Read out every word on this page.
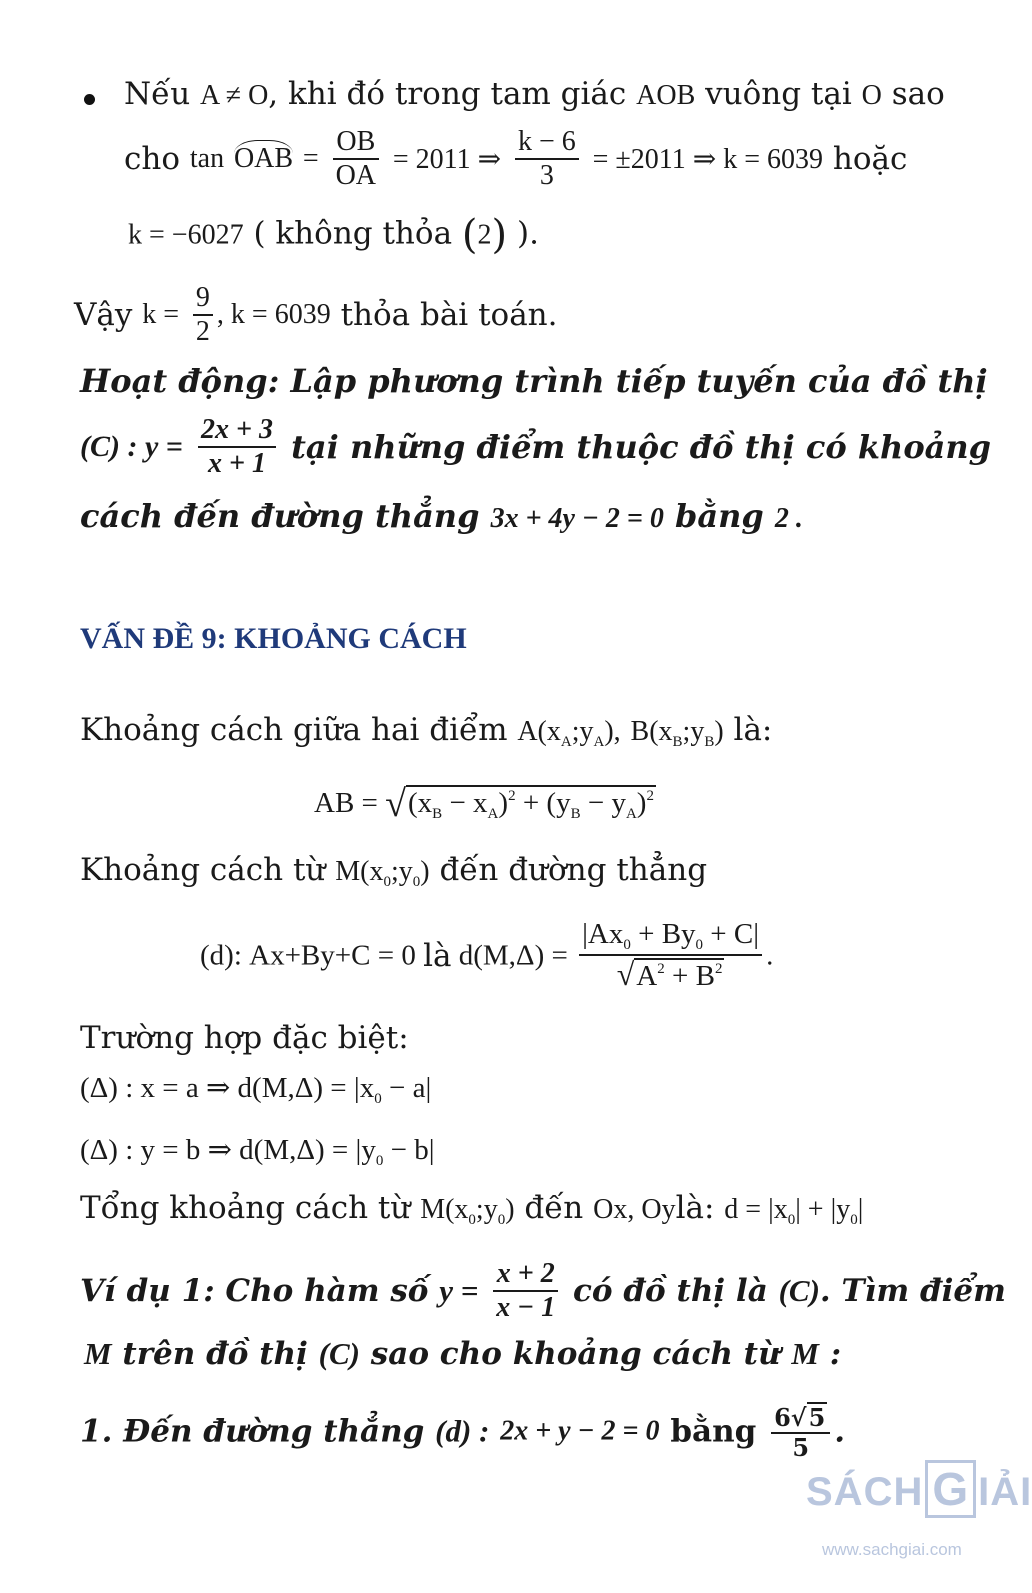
Nếu A ≠ O, khi đó trong tam giác AOB vuông tại O sao
cho tan OAB = $\frac{OB}{OA} = 2011$ ⇒ $\frac{k - 6}{3} = \pm 2011$ ⇒ k = 6039 hoặc
k = −6027 ( không thỏa (2) ).
Vậy $k = \frac{9}{2}$ , k = 6039 thỏa bài toán.
Hoạt động: Lập phương trình tiếp tuyến của đồ thị
(C) : $y = \frac{2x + 3}{x + 1}$ tại những điểm thuộc đồ thị có khoảng
cách đến đường thẳng 3x + 4y − 2 = 0 bằng 2 .
VẤN ĐỀ 9: KHOẢNG CÁCH
Khoảng cách giữa hai điểm $A(x_A;y_A)$, $B(x_B;y_B)$ là:
AB = $√(x_B - x_A)^2 + (y_B - y_A)^2$
Khoảng cách từ $M(x_0;y_0)$ đến đường thẳng
(d): Ax+By+C = 0 là $d(M,\Delta) = \frac{|Ax_0 + By_0 + C|}{√A^2 + B^2}$ .
Trường hợp đặc biệt:
(Δ) : x = a ⇒ $d(M,\Delta) = |x_0 - a|$
(Δ) : y = b ⇒ $d(M,\Delta) = |y_0 - b|$
Tổng khoảng cách từ $M(x_0;y_0)$ đến Ox, Oylà: $d = |x_0| + |y_0|$
Ví dụ 1: Cho hàm số $y = \frac{x + 2}{x - 1}$ có đồ thị là (C). Tìm điểm
M trên đồ thị (C) sao cho khoảng cách từ M :
1. Đến đường thẳng (d) : 2x + y − 2 = 0 bằng $\frac{6√5}{5}$ .
SÁCH G IẢI
www.sachgiai.com
